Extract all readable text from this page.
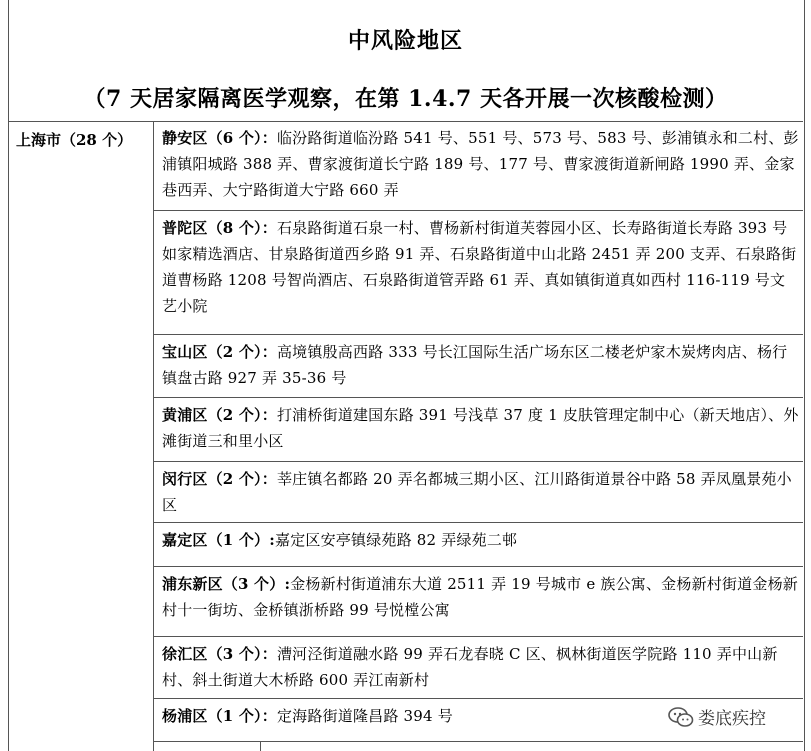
中风险地区
（7 天居家隔离医学观察，在第 1.4.7 天各开展一次核酸检测）
上海市（28 个） 静安区（6 个）：临汾路街道临汾路 541 号、551 号、573 号、583 号、彭浦镇永和二村、彭浦镇阳城路 388 弄、曹家渡街道长宁路 189 号、177 号、曹家渡街道新闸路 1990 弄、金家巷西弄、大宁路街道大宁路 660 弄
普陀区（8 个）：石泉路街道石泉一村、曹杨新村街道芙蓉园小区、长寿路街道长寿路 393 号如家精选酒店、甘泉路街道西乡路 91 弄、石泉路街道中山北路 2451 弄 200 支弄、石泉路街道曹杨路 1208 号智尚酒店、石泉路街道管弄路 61 弄、真如镇街道真如西村 116-119 号文艺小院
宝山区（2 个）：高境镇殷高西路 333 号长江国际生活广场东区二楼老炉家木炭烤肉店、杨行镇盘古路 927 弄 35-36 号
黄浦区（2 个）：打浦桥街道建国东路 391 号浅草 37 度 1 皮肤管理定制中心（新天地店）、外滩街道三和里小区
闵行区（2 个）：莘庄镇名都路 20 弄名都城三期小区、江川路街道景谷中路 58 弄凤凰景苑小区
嘉定区（1 个）:嘉定区安亭镇绿苑路 82 弄绿苑二邨
浦东新区（3 个）:金杨新村街道浦东大道 2511 弄 19 号城市 e 族公寓、金杨新村街道金杨新村十一街坊、金桥镇浙桥路 99 号悦樘公寓
徐汇区（3 个）：漕河泾街道融水路 99 弄石龙春晓 C 区、枫林街道医学院路 110 弄中山新村、斜土街道大木桥路 600 弄江南新村
杨浦区（1 个）：定海路街道隆昌路 394 号	娄底疾控
